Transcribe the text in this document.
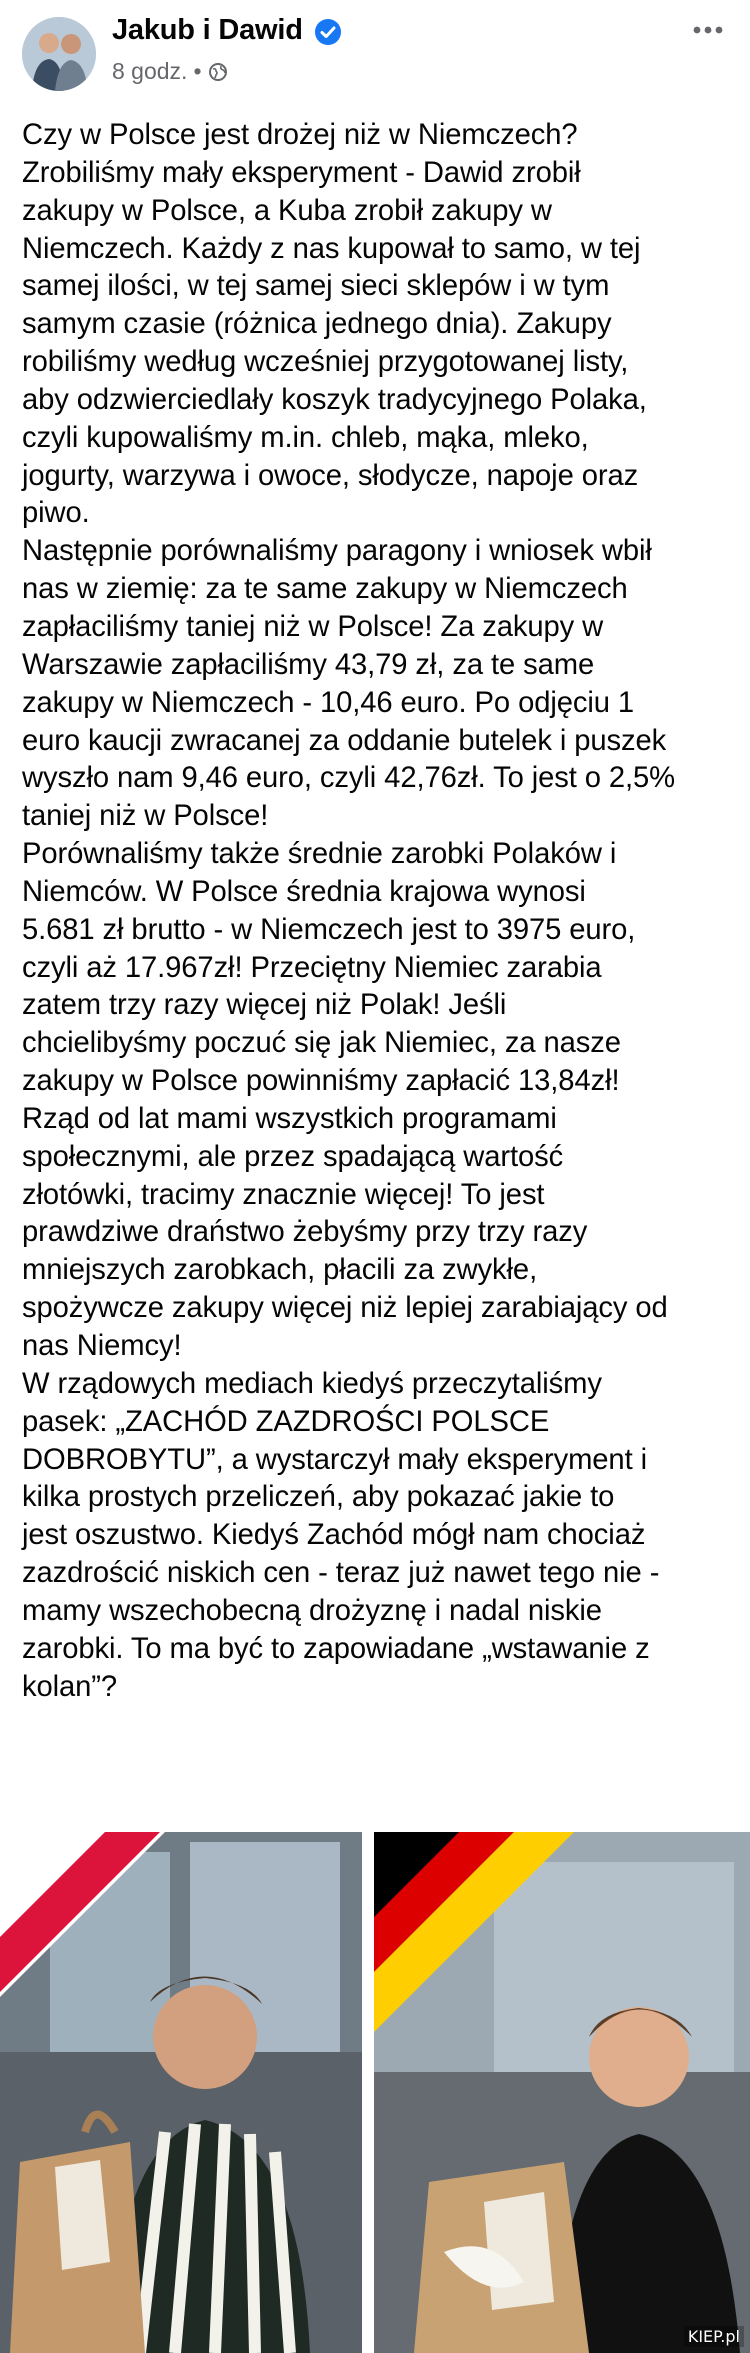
Jakub i Dawid
8 godz. •
Czy w Polsce jest drożej niż w Niemczech?
Zrobiliśmy mały eksperyment - Dawid zrobił
zakupy w Polsce, a Kuba zrobił zakupy w
Niemczech. Każdy z nas kupował to samo, w tej
samej ilości, w tej samej sieci sklepów i w tym
samym czasie (różnica jednego dnia). Zakupy
robiliśmy według wcześniej przygotowanej listy,
aby odzwierciedlały koszyk tradycyjnego Polaka,
czyli kupowaliśmy m.in. chleb, mąka, mleko,
jogurty, warzywa i owoce, słodycze, napoje oraz
piwo.
Następnie porównaliśmy paragony i wniosek wbił
nas w ziemię: za te same zakupy w Niemczech
zapłaciliśmy taniej niż w Polsce! Za zakupy w
Warszawie zapłaciliśmy 43,79 zł, za te same
zakupy w Niemczech - 10,46 euro. Po odjęciu 1
euro kaucji zwracanej za oddanie butelek i puszek
wyszło nam 9,46 euro, czyli 42,76zł. To jest o 2,5%
taniej niż w Polsce!
Porównaliśmy także średnie zarobki Polaków i
Niemców. W Polsce średnia krajowa wynosi
5.681 zł brutto - w Niemczech jest to 3975 euro,
czyli aż 17.967zł! Przeciętny Niemiec zarabia
zatem trzy razy więcej niż Polak! Jeśli
chcielibyśmy poczuć się jak Niemiec, za nasze
zakupy w Polsce powinniśmy zapłacić 13,84zł!
Rząd od lat mami wszystkich programami
społecznymi, ale przez spadającą wartość
złotówki, tracimy znacznie więcej! To jest
prawdziwe draństwo żebyśmy przy trzy razy
mniejszych zarobkach, płacili za zwykłe,
spożywcze zakupy więcej niż lepiej zarabiający od
nas Niemcy!
W rządowych mediach kiedyś przeczytaliśmy
pasek: „ZACHÓD ZAZDROŚCI POLSCE
DOBROBYTU”, a wystarczył mały eksperyment i
kilka prostych przeliczeń, aby pokazać jakie to
jest oszustwo. Kiedyś Zachód mógł nam chociaż
zazdrościć niskich cen - teraz już nawet tego nie -
mamy wszechobecną drożyznę i nadal niskie
zarobki. To ma być to zapowiadane „wstawanie z
kolan”?
KIEP.pl
